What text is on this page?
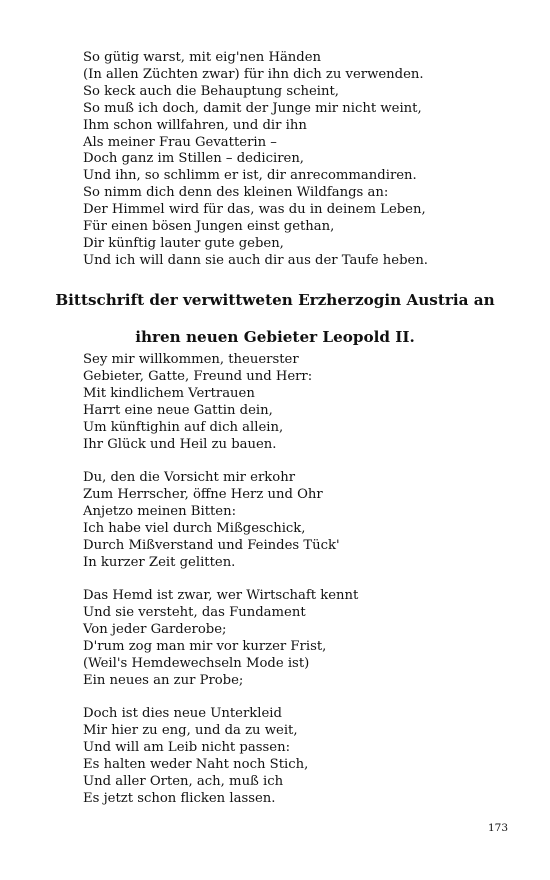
So gütig warst, mit eig'nen Händen
(In allen Züchten zwar) für ihn dich zu verwenden.
So keck auch die Behauptung scheint,
So muß ich doch, damit der Junge mir nicht weint,
Ihm schon willfahren, und dir ihn
Als meiner Frau Gevatterin –
Doch ganz im Stillen – dediciren,
Und ihn, so schlimm er ist, dir anrecommandiren.
So nimm dich denn des kleinen Wildfangs an:
Der Himmel wird für das, was du in deinem Leben,
Für einen bösen Jungen einst gethan,
Dir künftig lauter gute geben,
Und ich will dann sie auch dir aus der Taufe heben.
Bittschrift der verwittweten Erzherzogin Austria an
ihren neuen Gebieter Leopold II.
Sey mir willkommen, theuerster
Gebieter, Gatte, Freund und Herr:
Mit kindlichem Vertrauen
Harrt eine neue Gattin dein,
Um künftighin auf dich allein,
Ihr Glück und Heil zu bauen.
Du, den die Vorsicht mir erkohr
Zum Herrscher, öffne Herz und Ohr
Anjetzo meinen Bitten:
Ich habe viel durch Mißgeschick,
Durch Mißverstand und Feindes Tück'
In kurzer Zeit gelitten.
Das Hemd ist zwar, wer Wirtschaft kennt
Und sie versteht, das Fundament
Von jeder Garderobe;
D'rum zog man mir vor kurzer Frist,
(Weil's Hemdewechseln Mode ist)
Ein neues an zur Probe;
Doch ist dies neue Unterkleid
Mir hier zu eng, und da zu weit,
Und will am Leib nicht passen:
Es halten weder Naht noch Stich,
Und aller Orten, ach, muß ich
Es jetzt schon flicken lassen.
173
